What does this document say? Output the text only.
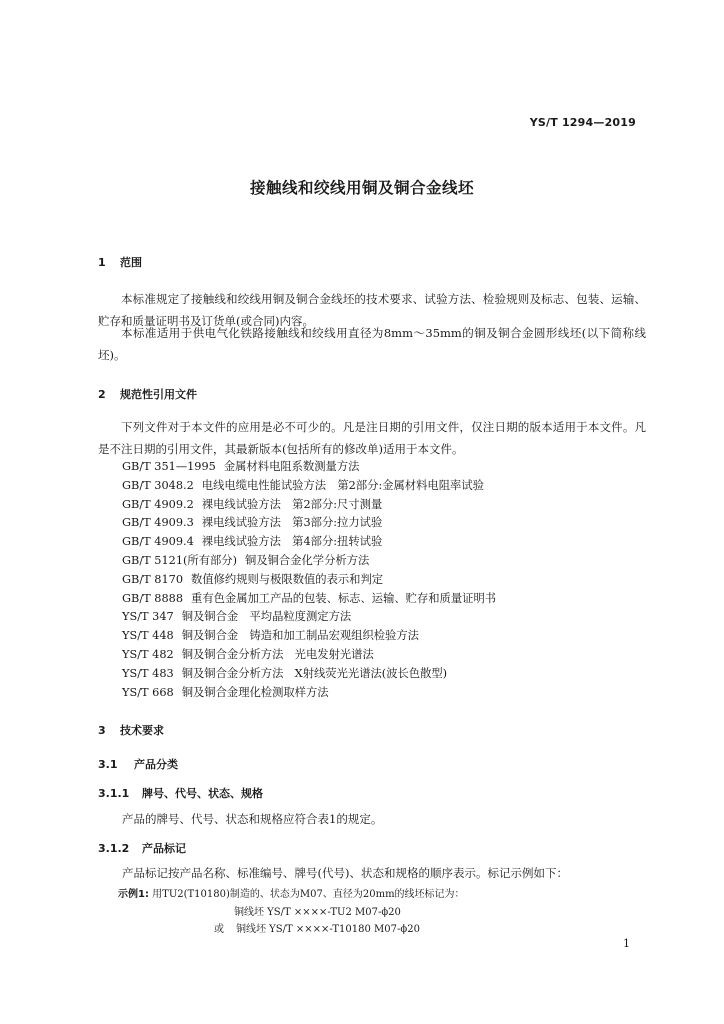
YS/T 1294—2019
接触线和绞线用铜及铜合金线坯
1 范围

本标准规定了接触线和绞线用铜及铜合金线坯的技术要求、试验方法、检验规则及标志、包装、运输、贮存和质量证明书及订货单(或合同)内容。

本标准适用于供电气化铁路接触线和绞线用直径为8mm～35mm的铜及铜合金圆形线坯(以下简称线坯)。

2 规范性引用文件

下列文件对于本文件的应用是必不可少的。凡是注日期的引用文件，仅注日期的版本适用于本文件。凡是不注日期的引用文件，其最新版本(包括所有的修改单)适用于本文件。

GB/T 351—1995 金属材料电阻系数测量方法
GB/T 3048.2 电线电缆电性能试验方法　第2部分:金属材料电阻率试验
GB/T 4909.2 裸电线试验方法　第2部分:尺寸测量
GB/T 4909.3 裸电线试验方法　第3部分:拉力试验
GB/T 4909.4 裸电线试验方法　第4部分:扭转试验
GB/T 5121(所有部分) 铜及铜合金化学分析方法
GB/T 8170 数值修约规则与极限数值的表示和判定
GB/T 8888 重有色金属加工产品的包装、标志、运输、贮存和质量证明书
YS/T 347 铜及铜合金　平均晶粒度测定方法
YS/T 448 铜及铜合金　铸造和加工制品宏观组织检验方法
YS/T 482 铜及铜合金分析方法　光电发射光谱法
YS/T 483 铜及铜合金分析方法　X射线荧光光谱法(波长色散型)
YS/T 668 铜及铜合金理化检测取样方法
3 技术要求
3.1 产品分类
3.1.1 牌号、代号、状态、规格
产品的牌号、代号、状态和规格应符合表1的规定。
3.1.2 产品标记
产品标记按产品名称、标准编号、牌号(代号)、状态和规格的顺序表示。标记示例如下：
示例1: 用TU2(T10180)制造的、状态为M07、直径为20mm的线坯标记为：
铜线坯 YS/T ××××-TU2 M07-ϕ20
或 铜线坯 YS/T ××××-T10180 M07-ϕ20
1
